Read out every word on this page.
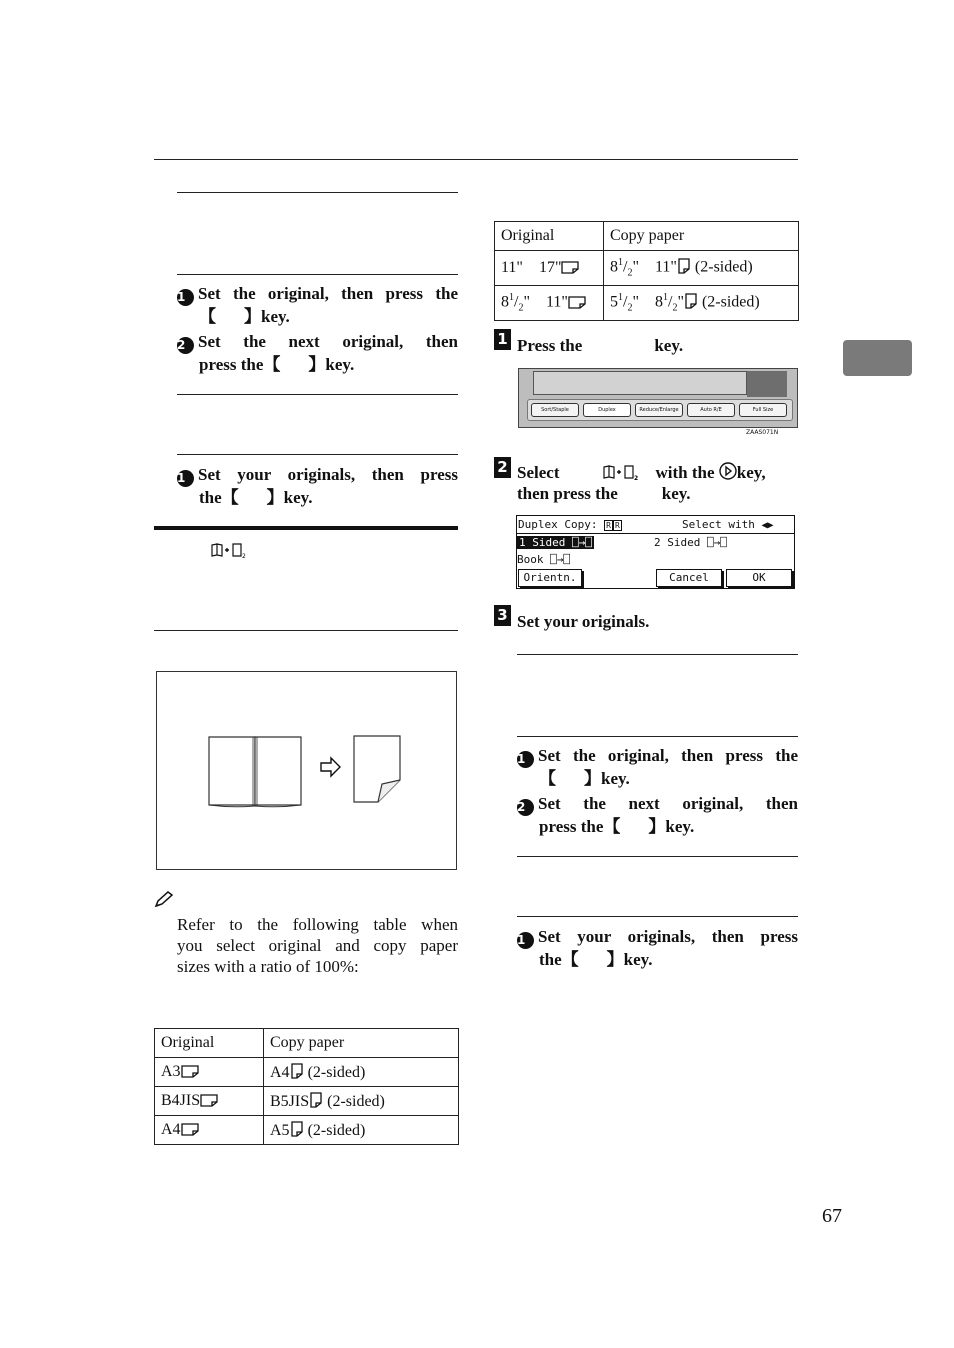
1 Set the original, then press the
【 】key.
2 Set the next original, then
press the【 】key.
1 Set your originals, then press
the【 】key.
2
Refer to the following table when
you select original and copy paper
sizes with a ratio of 100%:
Original	Copy paper
A3	A4 (2-sided)
B4JIS	B5JIS (2-sided)
A4	A5 (2-sided)
Original	Copy paper
11" 17"	$8^1/_2$" 11" (2-sided)
$8^1/_2$" 11"	$5^1/_2$" $8^1/_2$" (2-sided)
1 Press the	key.
Sort/Staple	Duplex	Reduce/Enlarge	Auto R/E	Full Size
ZAAS071N
2 Select	2 with the key,
then press the	key.
Duplex Copy: R R	Select with ◀▶
1 Sided ⎕→⎕	2 Sided ⎕→⎕
Book ⎕→⎕
Orientn.	Cancel	OK
3 Set your originals.
1 Set the original, then press the
【 】key.
2 Set the next original, then
press the【 】key.
1 Set your originals, then press
the【 】key.
67
